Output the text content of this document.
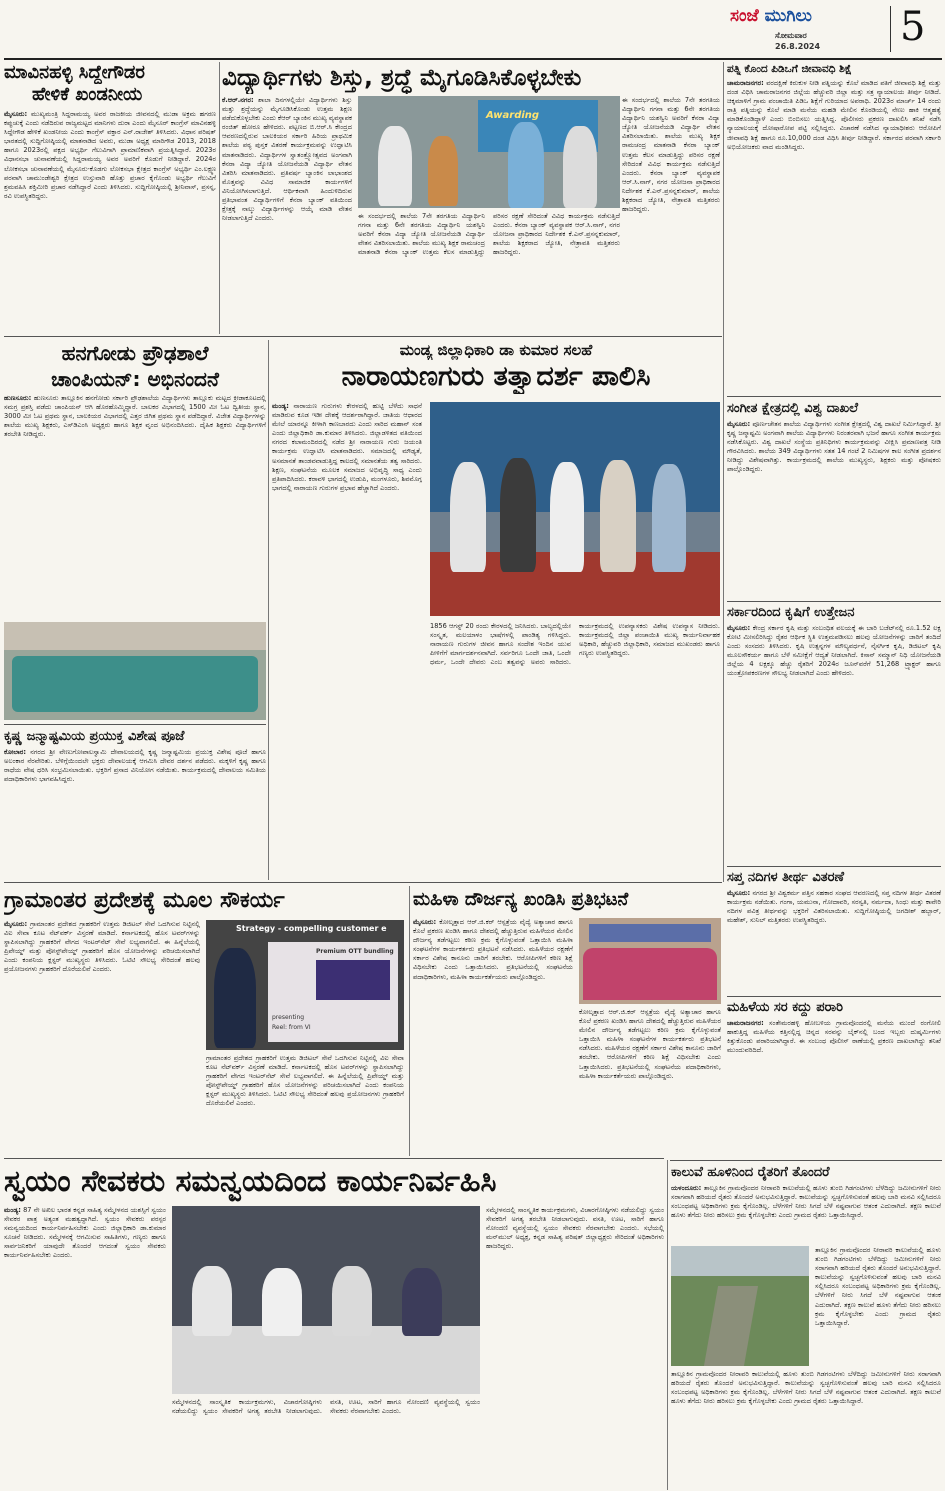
ಸಂಜೆ ಮುಗಿಲು
ಸೋಮವಾರ
26.8.2024 5
ಮಾವಿನಹಳ್ಳಿ ಸಿದ್ದೇಗೌಡರ
ಹೇಳಿಕೆ ಖಂಡನೀಯ
ಮೈಸೂರು: ಮುಖ್ಯಮಂತ್ರಿ ಸಿದ್ದರಾಮಯ್ಯ ಅವರ ರಾಜಕೀಯ ಜೀವನದಲ್ಲಿ ಮುಡಾ ಅಕ್ರಮ ಹಗರಣ ಕಪ್ಪುಚುಕ್ಕೆ ಎಂದು ನಡೆದಿರುವ ರಾಜ್ಯಮಟ್ಟದ ಮಾನಿಗಳು ದುರಾ ಎಂದು ಮೈಸೂರ್ ಕಾಂಗ್ರೆಸ್ ಮಾವಿನಹಳ್ಳಿ ಸಿದ್ದೇಗೌಡ ಹೇಳಿಕೆ ಖಂಡನೀಯ ಎಂದು ಕಾಂಗ್ರೆಸ್ ವಕ್ತಾರ ಎನ್.ರಾಜೇಶ್ ತಿಳಿಸಿದರು. ವಿಧಾನ ಪರಿಷತ್ ಭಾರತದಲ್ಲಿ ಸುದ್ದಿಗೋಷ್ಠಿಯಲ್ಲಿ ಮಾತನಾಡಿದ ಅವರು, ಮುಡಾ ಅಧ್ಯಕ್ಷ ಮಾರಿಗೌಡ 2013, 2018 ಹಾಗೂ 2023ರಲ್ಲಿ ಪಕ್ಷದ ಅಭ್ಯರ್ಥಿ ಗೆಲುವಿಗಾಗಿ ಪ್ರಾಮಾಣಿಕವಾಗಿ ಪ್ರಯತ್ನಿಸಿದ್ದಾರೆ. 2023ರ ವಿಧಾನಸಭಾ ಚುನಾವಣೆಯಲ್ಲಿ ಸಿದ್ದರಾಮಯ್ಯ ಅವರ ಅವರಿಗೆ ಕೊಡುಗೆ ನೀಡಿದ್ದಾರೆ. 2024ರ ಲೋಕಸಭಾ ಚುನಾವಣೆಯಲ್ಲಿ ಮೈಸೂರು-ಕೊಡಗು ಲೋಕಸಭಾ ಕ್ಷೇತ್ರದ ಕಾಂಗ್ರೆಸ್ ಅಭ್ಯರ್ಥಿ ಎಂ.ಲಕ್ಷ್ಮಣ ಪರವಾಗಿ ಚಾಮುಂಡೇಶ್ವರಿ ಕ್ಷೇತ್ರದ ಉಸ್ತುವಾರಿ ಹೊತ್ತು ಪ್ರಚಾರ ಕೈಗೊಂಡು ಅಭ್ಯರ್ಥಿ ಗೆಲುವಿಗೆ ಶ್ರಮವಹಿಸಿ ಶಕ್ತಿಮೀರಿ ಪ್ರಚಾರ ನಡೆಸಿದ್ದಾರೆ ಎಂದು ತಿಳಿಸಿದರು. ಸುದ್ದಿಗೋಷ್ಠಿಯಲ್ಲಿ ಶ್ರೀನಿವಾಸ್, ಪ್ರಸನ್ನ, ರವಿ ಉಪಸ್ಥಿತರಿದ್ದರು.
ವಿದ್ಯಾರ್ಥಿಗಳು ಶಿಸ್ತು, ಶ್ರದ್ಧೆ ಮೈಗೂಡಿಸಿಕೊಳ್ಳಬೇಕು
ಕೆ.ಆರ್.ನಗರ: ಶಾಲಾ ದಿನಗಳಲ್ಲಿಯೇ ವಿದ್ಯಾರ್ಥಿಗಳು ಶಿಸ್ತು ಮತ್ತು ಶ್ರದ್ಧೆಯನ್ನು ಮೈಗೂಡಿಸಿಕೊಂಡು ಉತ್ತಮ ಶಿಕ್ಷಣ ಪಡೆದುಕೊಳ್ಳಬೇಕು ಎಂದು ಕೆಆರ್ ಬ್ಯಾಂಕಿನ ಮುಖ್ಯ ವ್ಯವಸ್ಥಾಪಕ ರಂಜಿತ್ ಹೋರೂ ಹೇಳಿದರು. ಪಟ್ಟಣದ ಬಿ.ಆರ್.ಸಿ ಕೇಂದ್ರದ ಆವರಣದಲ್ಲಿರುವ ಬಾಲಕಿಯರ ಸರ್ಕಾರಿ ಹಿರಿಯ ಪ್ರಾಥಮಿಕ ಶಾಲೆಯ ಪಠ್ಯ ಪುಸ್ತಕ ವಿತರಣೆ ಕಾರ್ಯಕ್ರಮವನ್ನು ಉದ್ಘಾಟಿಸಿ ಮಾತನಾಡಿದರು. ವಿದ್ಯಾರ್ಥಿಗಳ ಸ್ವಾತಂತ್ರ್ಯೋತ್ಸವದ ಅಂಗವಾಗಿ ಕೆನರಾ ವಿದ್ಯಾ ಜ್ಯೋತಿ ಯೋಜನೆಯಡಿ ವಿದ್ಯಾರ್ಥಿ ವೇತನ ವಿತರಿಸಿ ಮಾತನಾಡಿದರು. ಪ್ರತಿವರ್ಷ ಬ್ಯಾಂಕಿನ ಲಾಭಾಂಶದ ಮೊತ್ತವನ್ನು ವಿವಿಧ ಸಾಮಾಜಿಕ ಕಾರ್ಯಗಳಿಗೆ ವಿನಿಯೋಗಿಸಲಾಗುತ್ತಿದೆ. ಆರ್ಥಿಕವಾಗಿ ಹಿಂದುಳಿದಿರುವ ಪ್ರತಿಭಾವಂತ ವಿದ್ಯಾರ್ಥಿಗಳಿಗೆ ಕೆನರಾ ಬ್ಯಾಂಕ್ ವತಿಯಿಂದ ಕ್ಷೇತ್ರಕ್ಕೆ ನಾಲ್ಕು ವಿದ್ಯಾರ್ಥಿಗಳನ್ನು ಆಯ್ಕೆ ಮಾಡಿ ವೇತನ ನೀಡಲಾಗುತ್ತಿದೆ ಎಂದರು.
Awarding
ಈ ಸಂದರ್ಭದಲ್ಲಿ ಶಾಲೆಯ 7ನೇ ತರಗತಿಯ ವಿದ್ಯಾರ್ಥಿನಿ ಗಗನಾ ಮತ್ತು 6ನೇ ತರಗತಿಯ ವಿದ್ಯಾರ್ಥಿನಿ ಯಶಸ್ವಿನಿ ಅವರಿಗೆ ಕೆನರಾ ವಿದ್ಯಾ ಜ್ಯೋತಿ ಯೋಜನೆಯಡಿ ವಿದ್ಯಾರ್ಥಿ ವೇತನ ವಿತರಿಸಲಾಯಿತು. ಶಾಲೆಯ ಮುಖ್ಯ ಶಿಕ್ಷಕ ರಾಮಚಂದ್ರ ಮಾತನಾಡಿ ಕೆನರಾ ಬ್ಯಾಂಕ್ ಉತ್ತಮ ಕೆಲಸ ಮಾಡುತ್ತಿದ್ದು ಪರಿಸರ ರಕ್ಷಣೆ ಸೇರಿದಂತೆ ವಿವಿಧ ಕಾರ್ಯಕ್ರಮ ನಡೆಸುತ್ತಿದೆ ಎಂದರು. ಕೆನರಾ ಬ್ಯಾಂಕ್ ವ್ಯವಸ್ಥಾಪಕ ಆರ್.ಸಿ.ನಾಗ್, ನಗರ ಯೋಜನಾ ಪ್ರಾಧಿಕಾರದ ನಿರ್ದೇಶಕ ಕೆ.ಎನ್.ಪ್ರಸನ್ನಕುಮಾರ್, ಶಾಲೆಯ ಶಿಕ್ಷಕರಾದ ಜ್ಯೋತಿ, ನೇತ್ರಾವತಿ ಮತ್ತಿತರರು ಹಾಜರಿದ್ದರು.
ಈ ಸಂದರ್ಭದಲ್ಲಿ ಶಾಲೆಯ 7ನೇ ತರಗತಿಯ ವಿದ್ಯಾರ್ಥಿನಿ ಗಗನಾ ಮತ್ತು 6ನೇ ತರಗತಿಯ ವಿದ್ಯಾರ್ಥಿನಿ ಯಶಸ್ವಿನಿ ಅವರಿಗೆ ಕೆನರಾ ವಿದ್ಯಾ ಜ್ಯೋತಿ ಯೋಜನೆಯಡಿ ವಿದ್ಯಾರ್ಥಿ ವೇತನ ವಿತರಿಸಲಾಯಿತು. ಶಾಲೆಯ ಮುಖ್ಯ ಶಿಕ್ಷಕ ರಾಮಚಂದ್ರ ಮಾತನಾಡಿ ಕೆನರಾ ಬ್ಯಾಂಕ್ ಉತ್ತಮ ಕೆಲಸ ಮಾಡುತ್ತಿದ್ದು ಪರಿಸರ ರಕ್ಷಣೆ ಸೇರಿದಂತೆ ವಿವಿಧ ಕಾರ್ಯಕ್ರಮ ನಡೆಸುತ್ತಿದೆ ಎಂದರು. ಕೆನರಾ ಬ್ಯಾಂಕ್ ವ್ಯವಸ್ಥಾಪಕ ಆರ್.ಸಿ.ನಾಗ್, ನಗರ ಯೋಜನಾ ಪ್ರಾಧಿಕಾರದ ನಿರ್ದೇಶಕ ಕೆ.ಎನ್.ಪ್ರಸನ್ನಕುಮಾರ್, ಶಾಲೆಯ ಶಿಕ್ಷಕರಾದ ಜ್ಯೋತಿ, ನೇತ್ರಾವತಿ ಮತ್ತಿತರರು ಹಾಜರಿದ್ದರು.
ಪತ್ನಿ ಕೊಂದ ಪಿಡಿಒಗೆ ಜೀವಾವಧಿ ಶಿಕ್ಷೆ
ಚಾಮರಾಜನಗರ: ವರದಕ್ಷಿಣೆ ಕಿರುಕುಳ ನೀಡಿ ಪತ್ನಿಯನ್ನು ಕೊಲೆ ಮಾಡಿದ ಪತಿಗೆ ಜೀವಾವಧಿ ಶಿಕ್ಷೆ ಮತ್ತು ದಂಡ ವಿಧಿಸಿ ಚಾಮರಾಜನಗರ ಜಿಲ್ಲೆಯ ಹೆಚ್ಚುವರಿ ಜಿಲ್ಲಾ ಮತ್ತು ಸತ್ರ ನ್ಯಾಯಾಲಯ ತೀರ್ಪು ನೀಡಿದೆ. ಚಿಕ್ಕಮಾಳಿಗೆ ಗ್ರಾಮ ಪಂಚಾಯಿತಿ ಪಿಡಿಒ ಶಿಕ್ಷೆಗೆ ಗುರಿಯಾದ ಅಪರಾಧಿ. 2023ರ ಮಾರ್ಚ್ 14 ರಂದು ರಾತ್ರಿ ಪತ್ನಿಯನ್ನು ಕೊಲೆ ಮಾಡಿ ಮನೆಯ ಮಹಡಿ ಮೇಲಿನ ಕೊಠಡಿಯಲ್ಲಿ ನೇಣು ಹಾಕಿ ಆತ್ಮಹತ್ಯೆ ಮಾಡಿಕೊಂಡಿದ್ದಾಳೆ ಎಂದು ಬಿಂಬಿಸಲು ಯತ್ನಿಸಿದ್ದ. ಪೊಲೀಸರು ಪ್ರಕರಣ ದಾಖಲಿಸಿ ತನಿಖೆ ನಡೆಸಿ ನ್ಯಾಯಾಲಯಕ್ಕೆ ದೋಷಾರೋಪ ಪಟ್ಟಿ ಸಲ್ಲಿಸಿದ್ದರು. ವಿಚಾರಣೆ ನಡೆಸಿದ ನ್ಯಾಯಾಧೀಶರು ಆರೋಪಿಗೆ ಜೀವಾವಧಿ ಶಿಕ್ಷೆ ಹಾಗೂ ರೂ.10,000 ದಂಡ ವಿಧಿಸಿ ತೀರ್ಪು ನೀಡಿದ್ದಾರೆ. ಸರ್ಕಾರದ ಪರವಾಗಿ ಸರ್ಕಾರಿ ಅಭಿಯೋಜಕರು ವಾದ ಮಂಡಿಸಿದ್ದರು.
ಸಂಗೀತ ಕ್ಷೇತ್ರದಲ್ಲಿ ವಿಶ್ವ ದಾಖಲೆ
ಮೈಸೂರು: ಪೂರ್ಣಚೇತನ ಶಾಲೆಯ ವಿದ್ಯಾರ್ಥಿಗಳು ಸಂಗೀತ ಕ್ಷೇತ್ರದಲ್ಲಿ ವಿಶ್ವ ದಾಖಲೆ ನಿರ್ಮಿಸಿದ್ದಾರೆ. ಶ್ರೀ ಕೃಷ್ಣ ಜನ್ಮಾಷ್ಟಮಿ ಅಂಗವಾಗಿ ಶಾಲೆಯ ವಿದ್ಯಾರ್ಥಿಗಳು ನಿರಂತರವಾಗಿ ಭಜನೆ ಹಾಗೂ ಸಂಗೀತ ಕಾರ್ಯಕ್ರಮ ನಡೆಸಿಕೊಟ್ಟರು. ವಿಶ್ವ ದಾಖಲೆ ಸಂಸ್ಥೆಯ ಪ್ರತಿನಿಧಿಗಳು ಕಾರ್ಯಕ್ರಮವನ್ನು ವೀಕ್ಷಿಸಿ ಪ್ರಮಾಣಪತ್ರ ನೀಡಿ ಗೌರವಿಸಿದರು. ಶಾಲೆಯ 349 ವಿದ್ಯಾರ್ಥಿಗಳು ಸತತ 14 ಗಂಟೆ 2 ನಿಮಿಷಗಳ ಕಾಲ ಸಂಗೀತ ಪ್ರದರ್ಶನ ನೀಡಿದ್ದು ವಿಶೇಷವಾಗಿತ್ತು. ಕಾರ್ಯಕ್ರಮದಲ್ಲಿ ಶಾಲೆಯ ಮುಖ್ಯಸ್ಥರು, ಶಿಕ್ಷಕರು ಮತ್ತು ಪೋಷಕರು ಪಾಲ್ಗೊಂಡಿದ್ದರು.
ಸರ್ಕಾರದಿಂದ ಕೃಷಿಗೆ ಉತ್ತೇಜನ
ಮೈಸೂರು: ಕೇಂದ್ರ ಸರ್ಕಾರ ಕೃಷಿ ಮತ್ತು ಸಂಬಂಧಿತ ವಲಯಕ್ಕೆ ಈ ಬಾರಿ ಬಜೆಟ್‌ನಲ್ಲಿ ರೂ.1.52 ಲಕ್ಷ ಕೋಟಿ ಮೀಸಲಿರಿಸಿದ್ದು ರೈತರ ಆರ್ಥಿಕ ಸ್ಥಿತಿ ಉತ್ತಮಪಡಿಸಲು ಹಲವು ಯೋಜನೆಗಳನ್ನು ಜಾರಿಗೆ ತಂದಿದೆ ಎಂದು ಸಂಸದರು ತಿಳಿಸಿದರು. ಕೃಷಿ ಉತ್ಪನ್ನಗಳ ಮೌಲ್ಯವರ್ಧನೆ, ನೈಸರ್ಗಿಕ ಕೃಷಿ, ಡಿಜಿಟಲ್ ಕೃಷಿ ಮೂಲಸೌಕರ್ಯ ಹಾಗೂ ಬೆಳೆ ಸಮೀಕ್ಷೆಗೆ ಆದ್ಯತೆ ನೀಡಲಾಗಿದೆ. ಕಿಸಾನ್ ಸಮ್ಮಾನ್ ನಿಧಿ ಯೋಜನೆಯಡಿ ಜಿಲ್ಲೆಯ 4 ಲಕ್ಷಕ್ಕೂ ಹೆಚ್ಚು ರೈತರಿಗೆ 2024ರ ಜೂನ್‌ವರೆಗೆ 51,268 ಟ್ರ್ಯಾಕ್ಟರ್ ಹಾಗೂ ಯಂತ್ರೋಪಕರಣಗಳ ಸೌಲಭ್ಯ ನೀಡಲಾಗಿದೆ ಎಂದು ಹೇಳಿದರು.
ಸಪ್ತ ನದಿಗಳ ತೀರ್ಥ ವಿತರಣೆ
ಮೈಸೂರು: ನಗರದ ಶ್ರೀ ವಿಶ್ವಕರ್ಮ ಪತ್ತಿನ ಸಹಕಾರ ಸಂಘದ ಆವರಣದಲ್ಲಿ ಸಪ್ತ ನದಿಗಳ ತೀರ್ಥ ವಿತರಣೆ ಕಾರ್ಯಕ್ರಮ ನಡೆಯಿತು. ಗಂಗಾ, ಯಮುನಾ, ಗೋದಾವರಿ, ಸರಸ್ವತಿ, ನರ್ಮದಾ, ಸಿಂಧು ಮತ್ತು ಕಾವೇರಿ ನದಿಗಳ ಪವಿತ್ರ ತೀರ್ಥವನ್ನು ಭಕ್ತರಿಗೆ ವಿತರಿಸಲಾಯಿತು. ಸುದ್ದಿಗೋಷ್ಠಿಯಲ್ಲಿ ಜಗದೀಶ್ ಹಬ್ಬಾರ್, ಮಹೇಶ್, ಸುನಿಲ್ ಮತ್ತಿತರರು ಉಪಸ್ಥಿತರಿದ್ದರು.
ಮಹಿಳೆಯ ಸರ ಕದ್ದು ಪರಾರಿ
ಚಾಮರಾಜನಗರ: ಸಂತೇಮರಹಳ್ಳಿ ಹೋಬಳಿಯ ಗ್ರಾಮವೊಂದರಲ್ಲಿ ಮನೆಯ ಮುಂದೆ ರಂಗೋಲಿ ಹಾಕುತ್ತಿದ್ದ ಮಹಿಳೆಯ ಕತ್ತಿನಲ್ಲಿದ್ದ ಚಿನ್ನದ ಸರವನ್ನು ಬೈಕ್‌ನಲ್ಲಿ ಬಂದ ಇಬ್ಬರು ದುಷ್ಕರ್ಮಿಗಳು ಕಿತ್ತುಕೊಂಡು ಪರಾರಿಯಾಗಿದ್ದಾರೆ. ಈ ಸಂಬಂಧ ಪೊಲೀಸ್ ಠಾಣೆಯಲ್ಲಿ ಪ್ರಕರಣ ದಾಖಲಾಗಿದ್ದು ತನಿಖೆ ಮುಂದುವರಿದಿದೆ.
ಹನಗೋಡು ಪ್ರೌಢಶಾಲೆ
ಚಾಂಪಿಯನ್: ಅಭಿನಂದನೆ
ಹುಣಸೂರು: ಹುಣಸೂರು ತಾಲ್ಲೂಕಿನ ಹನಗೋಡು ಸರ್ಕಾರಿ ಪ್ರೌಢಶಾಲೆಯ ವಿದ್ಯಾರ್ಥಿಗಳು ತಾಲ್ಲೂಕು ಮಟ್ಟದ ಕ್ರೀಡಾಕೂಟದಲ್ಲಿ ಸಮಗ್ರ ಪ್ರಶಸ್ತಿ ಪಡೆದು ಚಾಂಪಿಯನ್ ಆಗಿ ಹೊರಹೊಮ್ಮಿದ್ದಾರೆ. ಬಾಲಕರ ವಿಭಾಗದಲ್ಲಿ 1500 ಮೀ ಓಟ ದ್ವಿತೀಯ ಸ್ಥಾನ, 3000 ಮೀ ಓಟ ಪ್ರಥಮ ಸ್ಥಾನ, ಬಾಲಕಿಯರ ವಿಭಾಗದಲ್ಲಿ ಎತ್ತರ ಜಿಗಿತ ಪ್ರಥಮ ಸ್ಥಾನ ಪಡೆದಿದ್ದಾರೆ. ವಿಜೇತ ವಿದ್ಯಾರ್ಥಿಗಳನ್ನು ಶಾಲೆಯ ಮುಖ್ಯ ಶಿಕ್ಷಕರು, ಎಸ್‌ಡಿಎಂಸಿ ಅಧ್ಯಕ್ಷರು ಹಾಗೂ ಶಿಕ್ಷಕ ವೃಂದ ಅಭಿನಂದಿಸಿದರು. ದೈಹಿಕ ಶಿಕ್ಷಕರು ವಿದ್ಯಾರ್ಥಿಗಳಿಗೆ ತರಬೇತಿ ನೀಡಿದ್ದರು.
ಕೃಷ್ಣ ಜನ್ಮಾಷ್ಟಮಿಯ ಪ್ರಯುಕ್ತ ವಿಶೇಷ ಪೂಜೆ
ಕೋಲಾರ: ನಗರದ ಶ್ರೀ ವೇಣುಗೋಪಾಲಸ್ವಾಮಿ ದೇವಾಲಯದಲ್ಲಿ ಕೃಷ್ಣ ಜನ್ಮಾಷ್ಟಮಿಯ ಪ್ರಯುಕ್ತ ವಿಶೇಷ ಪೂಜೆ ಹಾಗೂ ಅಲಂಕಾರ ನೆರವೇರಿತು. ಬೆಳಿಗ್ಗೆಯಿಂದಲೇ ಭಕ್ತರು ದೇವಾಲಯಕ್ಕೆ ಆಗಮಿಸಿ ದೇವರ ದರ್ಶನ ಪಡೆದರು. ಮಕ್ಕಳಿಗೆ ಕೃಷ್ಣ ಹಾಗೂ ರಾಧೆಯ ವೇಷ ಧರಿಸಿ ಸಂಭ್ರಮಿಸಲಾಯಿತು. ಭಕ್ತರಿಗೆ ಪ್ರಸಾದ ವಿನಿಯೋಗ ನಡೆಯಿತು. ಕಾರ್ಯಕ್ರಮದಲ್ಲಿ ದೇವಾಲಯ ಸಮಿತಿಯ ಪದಾಧಿಕಾರಿಗಳು ಭಾಗವಹಿಸಿದ್ದರು.
ಮಂಡ್ಯ ಜಿಲ್ಲಾಧಿಕಾರಿ ಡಾ ಕುಮಾರ ಸಲಹೆ
ನಾರಾಯಣಗುರು ತತ್ವಾದರ್ಶ ಪಾಲಿಸಿ
ಮಂಡ್ಯ: ನಾರಾಯಣ ಗುರುಗಳು ಕೇರಳದಲ್ಲಿ ಹುಟ್ಟಿ ಬೆಳೆದು ಸಾಧನೆ ಮಾಡಿರುವ ಕೂಡ ಇಡೀ ದೇಶಕ್ಕೆ ಆದರ್ಶರಾಗಿದ್ದಾರೆ. ಜಾತಿಯ ಆಧಾರದ ಮೇಲೆ ಯಾರನ್ನೂ ಕೀಳಾಗಿ ಕಾಣಬಾರದು ಎಂದು ಸಾರಿದ ಮಹಾನ್ ಸಂತ ಎಂದು ಜಿಲ್ಲಾಧಿಕಾರಿ ಡಾ.ಕುಮಾರ ತಿಳಿಸಿದರು. ಜಿಲ್ಲಾಡಳಿತದ ವತಿಯಿಂದ ನಗರದ ಕಲಾಮಂದಿರದಲ್ಲಿ ನಡೆದ ಶ್ರೀ ನಾರಾಯಣ ಗುರು ಜಯಂತಿ ಕಾರ್ಯಕ್ರಮ ಉದ್ಘಾಟಿಸಿ ಮಾತನಾಡಿದರು. ಸಮಾಜದಲ್ಲಿ ಮೌಢ್ಯತೆ, ಅಸಮಾನತೆ ತಾಂಡವವಾಡುತ್ತಿದ್ದ ಕಾಲದಲ್ಲಿ ಸಮಾನತೆಯ ತತ್ವ ಸಾರಿದರು. ಶಿಕ್ಷಣ, ಸಂಘಟನೆಯ ಮೂಲಕ ಸಮಾಜದ ಅಭಿವೃದ್ಧಿ ಸಾಧ್ಯ ಎಂದು ಪ್ರತಿಪಾದಿಸಿದರು. ಕರಾವಳಿ ಭಾಗದಲ್ಲಿ ಉಡುಪಿ, ಮಂಗಳೂರು, ಶಿವಮೊಗ್ಗ ಭಾಗದಲ್ಲಿ ನಾರಾಯಣ ಗುರುಗಳ ಪ್ರಭಾವ ಹೆಚ್ಚಾಗಿದೆ ಎಂದರು.
1856 ಆಗಸ್ಟ್ 20 ರಂದು ಕೇರಳದಲ್ಲಿ ಜನಿಸಿದರು. ಬಾಲ್ಯದಲ್ಲಿಯೇ ಸಂಸ್ಕೃತ, ಮಲಯಾಳಂ ಭಾಷೆಗಳಲ್ಲಿ ಪಾಂಡಿತ್ಯ ಗಳಿಸಿದ್ದರು. ನಾರಾಯಣ ಗುರುಗಳ ಜೀವನ ಹಾಗೂ ಸಂದೇಶ ಇಂದಿನ ಯುವ ಪೀಳಿಗೆಗೆ ಮಾರ್ಗದರ್ಶನವಾಗಿದೆ. ಸರ್ವರಿಗೂ ಒಂದೇ ಜಾತಿ, ಒಂದೇ ಧರ್ಮ, ಒಂದೇ ದೇವರು ಎಂಬ ತತ್ವವನ್ನು ಅವರು ಸಾರಿದರು. ಕಾರ್ಯಕ್ರಮದಲ್ಲಿ ಉಪನ್ಯಾಸಕರು ವಿಶೇಷ ಉಪನ್ಯಾಸ ನೀಡಿದರು. ಕಾರ್ಯಕ್ರಮದಲ್ಲಿ ಜಿಲ್ಲಾ ಪಂಚಾಯಿತಿ ಮುಖ್ಯ ಕಾರ್ಯನಿರ್ವಾಹಕ ಅಧಿಕಾರಿ, ಹೆಚ್ಚುವರಿ ಜಿಲ್ಲಾಧಿಕಾರಿ, ಸಮಾಜದ ಮುಖಂಡರು ಹಾಗೂ ಗಣ್ಯರು ಉಪಸ್ಥಿತರಿದ್ದರು.
ಗ್ರಾಮಾಂತರ ಪ್ರದೇಶಕ್ಕೆ ಮೂಲ ಸೌಕರ್ಯ
ಮೈಸೂರು: ಗ್ರಾಮಾಂತರ ಪ್ರದೇಶದ ಗ್ರಾಹಕರಿಗೆ ಉತ್ತಮ ಡಿಜಿಟಲ್ ಸೇವೆ ಒದಗಿಸುವ ನಿಟ್ಟಿನಲ್ಲಿ ವಿಐ ಸೇವಾ ಕೂಟ ನೆಟ್‌ವರ್ಕ್ ವಿಸ್ತರಣೆ ಮಾಡಿದೆ. ಕರ್ನಾಟಕದಲ್ಲಿ ಹೊಸ ಟವರ್‌ಗಳನ್ನು ಸ್ಥಾಪಿಸಲಾಗಿದ್ದು ಗ್ರಾಹಕರಿಗೆ ವೇಗದ ಇಂಟರ್‌ನೆಟ್ ಸೇವೆ ಲಭ್ಯವಾಗಲಿದೆ. ಈ ಹಿನ್ನೆಲೆಯಲ್ಲಿ ಪ್ರಿಪೇಯ್ಡ್ ಮತ್ತು ಪೋಸ್ಟ್‌ಪೇಯ್ಡ್ ಗ್ರಾಹಕರಿಗೆ ಹೊಸ ಯೋಜನೆಗಳನ್ನು ಪರಿಚಯಿಸಲಾಗಿದೆ ಎಂದು ಕಂಪನಿಯ ಕ್ಲಸ್ಟರ್ ಮುಖ್ಯಸ್ಥರು ತಿಳಿಸಿದರು. ಓಟಿಟಿ ಸೌಲಭ್ಯ ಸೇರಿದಂತೆ ಹಲವು ಪ್ರಯೋಜನಗಳು ಗ್ರಾಹಕರಿಗೆ ದೊರೆಯಲಿವೆ ಎಂದರು.
Strategy - compelling customer e
Premium OTT bundling
presenting
Reel: from VI
ಗ್ರಾಮಾಂತರ ಪ್ರದೇಶದ ಗ್ರಾಹಕರಿಗೆ ಉತ್ತಮ ಡಿಜಿಟಲ್ ಸೇವೆ ಒದಗಿಸುವ ನಿಟ್ಟಿನಲ್ಲಿ ವಿಐ ಸೇವಾ ಕೂಟ ನೆಟ್‌ವರ್ಕ್ ವಿಸ್ತರಣೆ ಮಾಡಿದೆ. ಕರ್ನಾಟಕದಲ್ಲಿ ಹೊಸ ಟವರ್‌ಗಳನ್ನು ಸ್ಥಾಪಿಸಲಾಗಿದ್ದು ಗ್ರಾಹಕರಿಗೆ ವೇಗದ ಇಂಟರ್‌ನೆಟ್ ಸೇವೆ ಲಭ್ಯವಾಗಲಿದೆ. ಈ ಹಿನ್ನೆಲೆಯಲ್ಲಿ ಪ್ರಿಪೇಯ್ಡ್ ಮತ್ತು ಪೋಸ್ಟ್‌ಪೇಯ್ಡ್ ಗ್ರಾಹಕರಿಗೆ ಹೊಸ ಯೋಜನೆಗಳನ್ನು ಪರಿಚಯಿಸಲಾಗಿದೆ ಎಂದು ಕಂಪನಿಯ ಕ್ಲಸ್ಟರ್ ಮುಖ್ಯಸ್ಥರು ತಿಳಿಸಿದರು. ಓಟಿಟಿ ಸೌಲಭ್ಯ ಸೇರಿದಂತೆ ಹಲವು ಪ್ರಯೋಜನಗಳು ಗ್ರಾಹಕರಿಗೆ ದೊರೆಯಲಿವೆ ಎಂದರು.
ಮಹಿಳಾ ದೌರ್ಜನ್ಯ ಖಂಡಿಸಿ ಪ್ರತಿಭಟನೆ
ಮೈಸೂರು: ಕೋಲ್ಕತ್ತಾದ ಆರ್.ಜಿ.ಕರ್ ಆಸ್ಪತ್ರೆಯ ವೈದ್ಯೆ ಅತ್ಯಾಚಾರ ಹಾಗೂ ಕೊಲೆ ಪ್ರಕರಣ ಖಂಡಿಸಿ ಹಾಗೂ ದೇಶದಲ್ಲಿ ಹೆಚ್ಚುತ್ತಿರುವ ಮಹಿಳೆಯರ ಮೇಲಿನ ದೌರ್ಜನ್ಯ ತಡೆಗಟ್ಟಲು ಕಠಿಣ ಕ್ರಮ ಕೈಗೊಳ್ಳುವಂತೆ ಒತ್ತಾಯಿಸಿ ಮಹಿಳಾ ಸಂಘಟನೆಗಳ ಕಾರ್ಯಕರ್ತರು ಪ್ರತಿಭಟನೆ ನಡೆಸಿದರು. ಮಹಿಳೆಯರ ರಕ್ಷಣೆಗೆ ಸರ್ಕಾರ ವಿಶೇಷ ಕಾನೂನು ಜಾರಿಗೆ ತರಬೇಕು. ಆರೋಪಿಗಳಿಗೆ ಕಠಿಣ ಶಿಕ್ಷೆ ವಿಧಿಸಬೇಕು ಎಂದು ಒತ್ತಾಯಿಸಿದರು. ಪ್ರತಿಭಟನೆಯಲ್ಲಿ ಸಂಘಟನೆಯ ಪದಾಧಿಕಾರಿಗಳು, ಮಹಿಳಾ ಕಾರ್ಯಕರ್ತೆಯರು ಪಾಲ್ಗೊಂಡಿದ್ದರು.
ಕೋಲ್ಕತ್ತಾದ ಆರ್.ಜಿ.ಕರ್ ಆಸ್ಪತ್ರೆಯ ವೈದ್ಯೆ ಅತ್ಯಾಚಾರ ಹಾಗೂ ಕೊಲೆ ಪ್ರಕರಣ ಖಂಡಿಸಿ ಹಾಗೂ ದೇಶದಲ್ಲಿ ಹೆಚ್ಚುತ್ತಿರುವ ಮಹಿಳೆಯರ ಮೇಲಿನ ದೌರ್ಜನ್ಯ ತಡೆಗಟ್ಟಲು ಕಠಿಣ ಕ್ರಮ ಕೈಗೊಳ್ಳುವಂತೆ ಒತ್ತಾಯಿಸಿ ಮಹಿಳಾ ಸಂಘಟನೆಗಳ ಕಾರ್ಯಕರ್ತರು ಪ್ರತಿಭಟನೆ ನಡೆಸಿದರು. ಮಹಿಳೆಯರ ರಕ್ಷಣೆಗೆ ಸರ್ಕಾರ ವಿಶೇಷ ಕಾನೂನು ಜಾರಿಗೆ ತರಬೇಕು. ಆರೋಪಿಗಳಿಗೆ ಕಠಿಣ ಶಿಕ್ಷೆ ವಿಧಿಸಬೇಕು ಎಂದು ಒತ್ತಾಯಿಸಿದರು. ಪ್ರತಿಭಟನೆಯಲ್ಲಿ ಸಂಘಟನೆಯ ಪದಾಧಿಕಾರಿಗಳು, ಮಹಿಳಾ ಕಾರ್ಯಕರ್ತೆಯರು ಪಾಲ್ಗೊಂಡಿದ್ದರು.
ಸ್ವಯಂ ಸೇವಕರು ಸಮನ್ವಯದಿಂದ ಕಾರ್ಯನಿರ್ವಹಿಸಿ
ಮಂಡ್ಯ: 87 ನೇ ಅಖಿಲ ಭಾರತ ಕನ್ನಡ ಸಾಹಿತ್ಯ ಸಮ್ಮೇಳನದ ಯಶಸ್ಸಿಗೆ ಸ್ವಯಂ ಸೇವಕರ ಪಾತ್ರ ಅತ್ಯಂತ ಮಹತ್ವದ್ದಾಗಿದೆ. ಸ್ವಯಂ ಸೇವಕರು ಪರಸ್ಪರ ಸಮನ್ವಯದಿಂದ ಕಾರ್ಯನಿರ್ವಹಿಸಬೇಕು ಎಂದು ಜಿಲ್ಲಾಧಿಕಾರಿ ಡಾ.ಕುಮಾರ ಸೂಚನೆ ನೀಡಿದರು. ಸಮ್ಮೇಳನಕ್ಕೆ ಆಗಮಿಸುವ ಸಾಹಿತಿಗಳು, ಗಣ್ಯರು ಹಾಗೂ ಸಾರ್ವಜನಿಕರಿಗೆ ಯಾವುದೇ ತೊಂದರೆ ಆಗದಂತೆ ಸ್ವಯಂ ಸೇವಕರು ಕಾರ್ಯನಿರ್ವಹಿಸಬೇಕು ಎಂದರು.
ಸಮ್ಮೇಳನದಲ್ಲಿ ಸಾಂಸ್ಕೃತಿಕ ಕಾರ್ಯಕ್ರಮಗಳು, ವಿಚಾರಗೋಷ್ಠಿಗಳು ನಡೆಯಲಿದ್ದು ಸ್ವಯಂ ಸೇವಕರಿಗೆ ಅಗತ್ಯ ತರಬೇತಿ ನೀಡಲಾಗುವುದು. ವಸತಿ, ಊಟ, ಸಾರಿಗೆ ಹಾಗೂ ನೋಂದಣಿ ವ್ಯವಸ್ಥೆಯಲ್ಲಿ ಸ್ವಯಂ ಸೇವಕರು ನೆರವಾಗಬೇಕು ಎಂದರು.
ಸಮ್ಮೇಳನದಲ್ಲಿ ಸಾಂಸ್ಕೃತಿಕ ಕಾರ್ಯಕ್ರಮಗಳು, ವಿಚಾರಗೋಷ್ಠಿಗಳು ನಡೆಯಲಿದ್ದು ಸ್ವಯಂ ಸೇವಕರಿಗೆ ಅಗತ್ಯ ತರಬೇತಿ ನೀಡಲಾಗುವುದು. ವಸತಿ, ಊಟ, ಸಾರಿಗೆ ಹಾಗೂ ನೋಂದಣಿ ವ್ಯವಸ್ಥೆಯಲ್ಲಿ ಸ್ವಯಂ ಸೇವಕರು ನೆರವಾಗಬೇಕು ಎಂದರು. ಸಭೆಯಲ್ಲಿ ಮನ್‌ಮುಲ್ ಅಧ್ಯಕ್ಷ, ಕನ್ನಡ ಸಾಹಿತ್ಯ ಪರಿಷತ್ ಜಿಲ್ಲಾಧ್ಯಕ್ಷರು ಸೇರಿದಂತೆ ಅಧಿಕಾರಿಗಳು ಹಾಜರಿದ್ದರು.
ಕಾಲುವೆ ಹೂಳಿನಿಂದ ರೈತರಿಗೆ ತೊಂದರೆ
ಯಳಂದೂರು: ತಾಲ್ಲೂಕಿನ ಗ್ರಾಮವೊಂದರ ನೀರಾವರಿ ಕಾಲುವೆಯಲ್ಲಿ ಹೂಳು ತುಂಬಿ ಗಿಡಗಂಟಿಗಳು ಬೆಳೆದಿದ್ದು ಜಮೀನುಗಳಿಗೆ ನೀರು ಸರಾಗವಾಗಿ ಹರಿಯದೆ ರೈತರು ತೊಂದರೆ ಅನುಭವಿಸುತ್ತಿದ್ದಾರೆ. ಕಾಲುವೆಯನ್ನು ಸ್ವಚ್ಛಗೊಳಿಸುವಂತೆ ಹಲವು ಬಾರಿ ಮನವಿ ಸಲ್ಲಿಸಿದರೂ ಸಂಬಂಧಪಟ್ಟ ಅಧಿಕಾರಿಗಳು ಕ್ರಮ ಕೈಗೊಂಡಿಲ್ಲ. ಬೆಳೆಗಳಿಗೆ ನೀರು ಸಿಗದೆ ಬೆಳೆ ನಷ್ಟವಾಗುವ ಆತಂಕ ಎದುರಾಗಿದೆ. ತಕ್ಷಣ ಕಾಲುವೆ ಹೂಳು ತೆಗೆದು ನೀರು ಹರಿಸಲು ಕ್ರಮ ಕೈಗೊಳ್ಳಬೇಕು ಎಂದು ಗ್ರಾಮದ ರೈತರು ಒತ್ತಾಯಿಸಿದ್ದಾರೆ.
ತಾಲ್ಲೂಕಿನ ಗ್ರಾಮವೊಂದರ ನೀರಾವರಿ ಕಾಲುವೆಯಲ್ಲಿ ಹೂಳು ತುಂಬಿ ಗಿಡಗಂಟಿಗಳು ಬೆಳೆದಿದ್ದು ಜಮೀನುಗಳಿಗೆ ನೀರು ಸರಾಗವಾಗಿ ಹರಿಯದೆ ರೈತರು ತೊಂದರೆ ಅನುಭವಿಸುತ್ತಿದ್ದಾರೆ. ಕಾಲುವೆಯನ್ನು ಸ್ವಚ್ಛಗೊಳಿಸುವಂತೆ ಹಲವು ಬಾರಿ ಮನವಿ ಸಲ್ಲಿಸಿದರೂ ಸಂಬಂಧಪಟ್ಟ ಅಧಿಕಾರಿಗಳು ಕ್ರಮ ಕೈಗೊಂಡಿಲ್ಲ. ಬೆಳೆಗಳಿಗೆ ನೀರು ಸಿಗದೆ ಬೆಳೆ ನಷ್ಟವಾಗುವ ಆತಂಕ ಎದುರಾಗಿದೆ. ತಕ್ಷಣ ಕಾಲುವೆ ಹೂಳು ತೆಗೆದು ನೀರು ಹರಿಸಲು ಕ್ರಮ ಕೈಗೊಳ್ಳಬೇಕು ಎಂದು ಗ್ರಾಮದ ರೈತರು ಒತ್ತಾಯಿಸಿದ್ದಾರೆ.
ತಾಲ್ಲೂಕಿನ ಗ್ರಾಮವೊಂದರ ನೀರಾವರಿ ಕಾಲುವೆಯಲ್ಲಿ ಹೂಳು ತುಂಬಿ ಗಿಡಗಂಟಿಗಳು ಬೆಳೆದಿದ್ದು ಜಮೀನುಗಳಿಗೆ ನೀರು ಸರಾಗವಾಗಿ ಹರಿಯದೆ ರೈತರು ತೊಂದರೆ ಅನುಭವಿಸುತ್ತಿದ್ದಾರೆ. ಕಾಲುವೆಯನ್ನು ಸ್ವಚ್ಛಗೊಳಿಸುವಂತೆ ಹಲವು ಬಾರಿ ಮನವಿ ಸಲ್ಲಿಸಿದರೂ ಸಂಬಂಧಪಟ್ಟ ಅಧಿಕಾರಿಗಳು ಕ್ರಮ ಕೈಗೊಂಡಿಲ್ಲ. ಬೆಳೆಗಳಿಗೆ ನೀರು ಸಿಗದೆ ಬೆಳೆ ನಷ್ಟವಾಗುವ ಆತಂಕ ಎದುರಾಗಿದೆ. ತಕ್ಷಣ ಕಾಲುವೆ ಹೂಳು ತೆಗೆದು ನೀರು ಹರಿಸಲು ಕ್ರಮ ಕೈಗೊಳ್ಳಬೇಕು ಎಂದು ಗ್ರಾಮದ ರೈತರು ಒತ್ತಾಯಿಸಿದ್ದಾರೆ.
